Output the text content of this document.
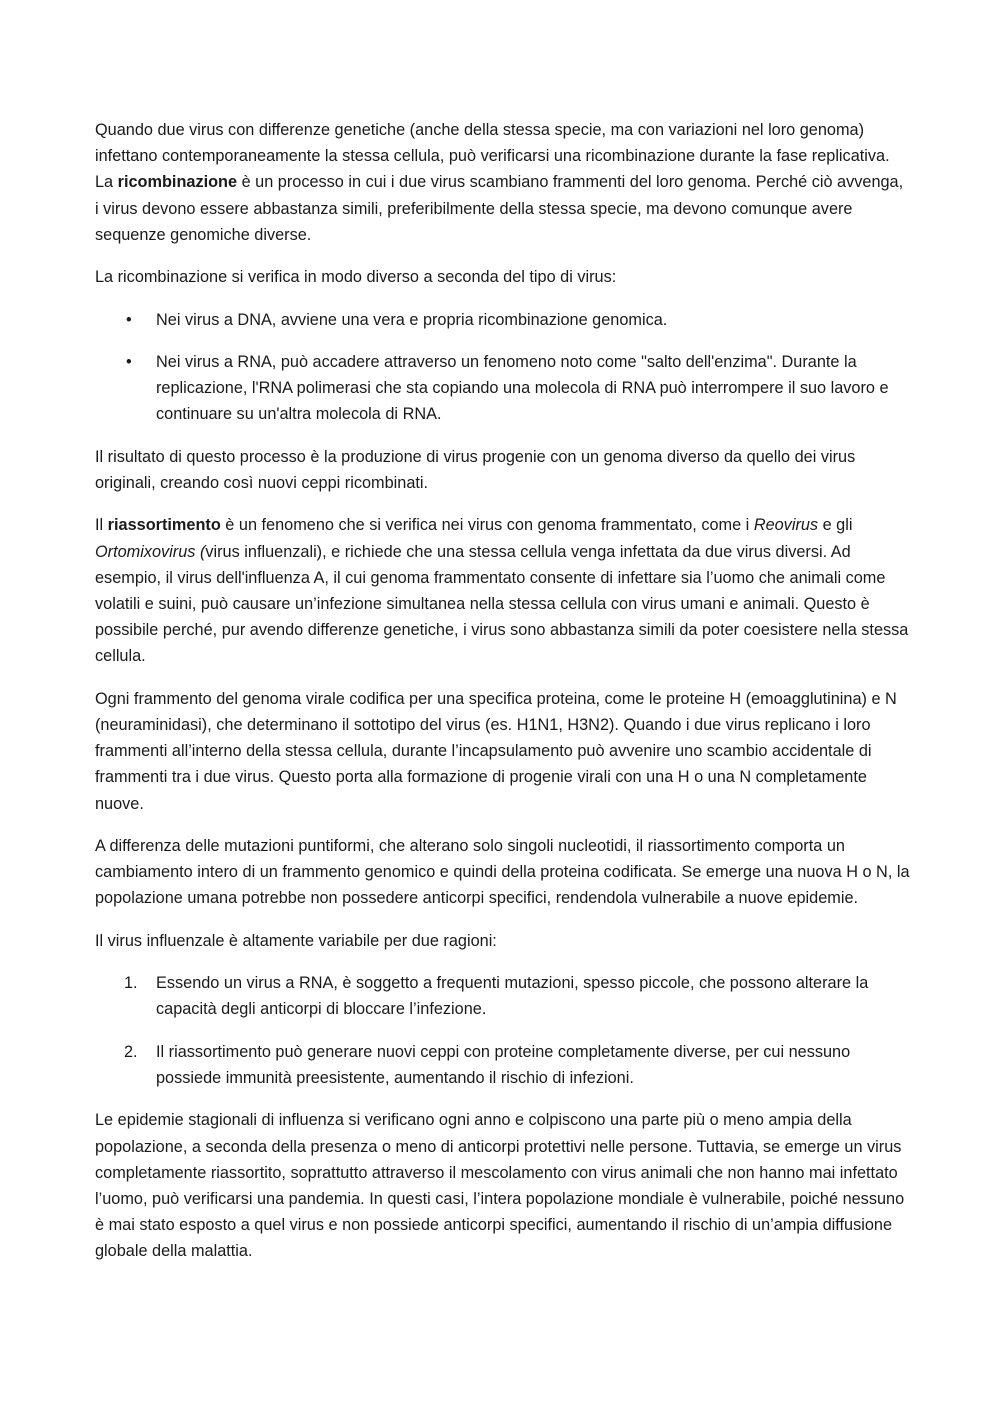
Quando due virus con differenze genetiche (anche della stessa specie, ma con variazioni nel loro genoma) infettano contemporaneamente la stessa cellula, può verificarsi una ricombinazione durante la fase replicativa. La ricombinazione è un processo in cui i due virus scambiano frammenti del loro genoma. Perché ciò avvenga, i virus devono essere abbastanza simili, preferibilmente della stessa specie, ma devono comunque avere sequenze genomiche diverse.

La ricombinazione si verifica in modo diverso a seconda del tipo di virus:

• Nei virus a DNA, avviene una vera e propria ricombinazione genomica.
• Nei virus a RNA, può accadere attraverso un fenomeno noto come "salto dell'enzima". Durante la replicazione, l'RNA polimerasi che sta copiando una molecola di RNA può interrompere il suo lavoro e continuare su un'altra molecola di RNA.

Il risultato di questo processo è la produzione di virus progenie con un genoma diverso da quello dei virus originali, creando così nuovi ceppi ricombinati.

Il riassortimento è un fenomeno che si verifica nei virus con genoma frammentato, come i Reovirus e gli Ortomixovirus (virus influenzali), e richiede che una stessa cellula venga infettata da due virus diversi. Ad esempio, il virus dell'influenza A, il cui genoma frammentato consente di infettare sia l’uomo che animali come volatili e suini, può causare un’infezione simultanea nella stessa cellula con virus umani e animali. Questo è possibile perché, pur avendo differenze genetiche, i virus sono abbastanza simili da poter coesistere nella stessa cellula.

Ogni frammento del genoma virale codifica per una specifica proteina, come le proteine H (emoagglutinina) e N (neuraminidasi), che determinano il sottotipo del virus (es. H1N1, H3N2). Quando i due virus replicano i loro frammenti all’interno della stessa cellula, durante l’incapsulamento può avvenire uno scambio accidentale di frammenti tra i due virus. Questo porta alla formazione di progenie virali con una H o una N completamente nuove.

A differenza delle mutazioni puntiformi, che alterano solo singoli nucleotidi, il riassortimento comporta un cambiamento intero di un frammento genomico e quindi della proteina codificata. Se emerge una nuova H o N, la popolazione umana potrebbe non possedere anticorpi specifici, rendendola vulnerabile a nuove epidemie.

Il virus influenzale è altamente variabile per due ragioni:

1. Essendo un virus a RNA, è soggetto a frequenti mutazioni, spesso piccole, che possono alterare la capacità degli anticorpi di bloccare l’infezione.
2. Il riassortimento può generare nuovi ceppi con proteine completamente diverse, per cui nessuno possiede immunità preesistente, aumentando il rischio di infezioni.

Le epidemie stagionali di influenza si verificano ogni anno e colpiscono una parte più o meno ampia della popolazione, a seconda della presenza o meno di anticorpi protettivi nelle persone. Tuttavia, se emerge un virus completamente riassortito, soprattutto attraverso il mescolamento con virus animali che non hanno mai infettato l’uomo, può verificarsi una pandemia. In questi casi, l’intera popolazione mondiale è vulnerabile, poiché nessuno è mai stato esposto a quel virus e non possiede anticorpi specifici, aumentando il rischio di un’ampia diffusione globale della malattia.
